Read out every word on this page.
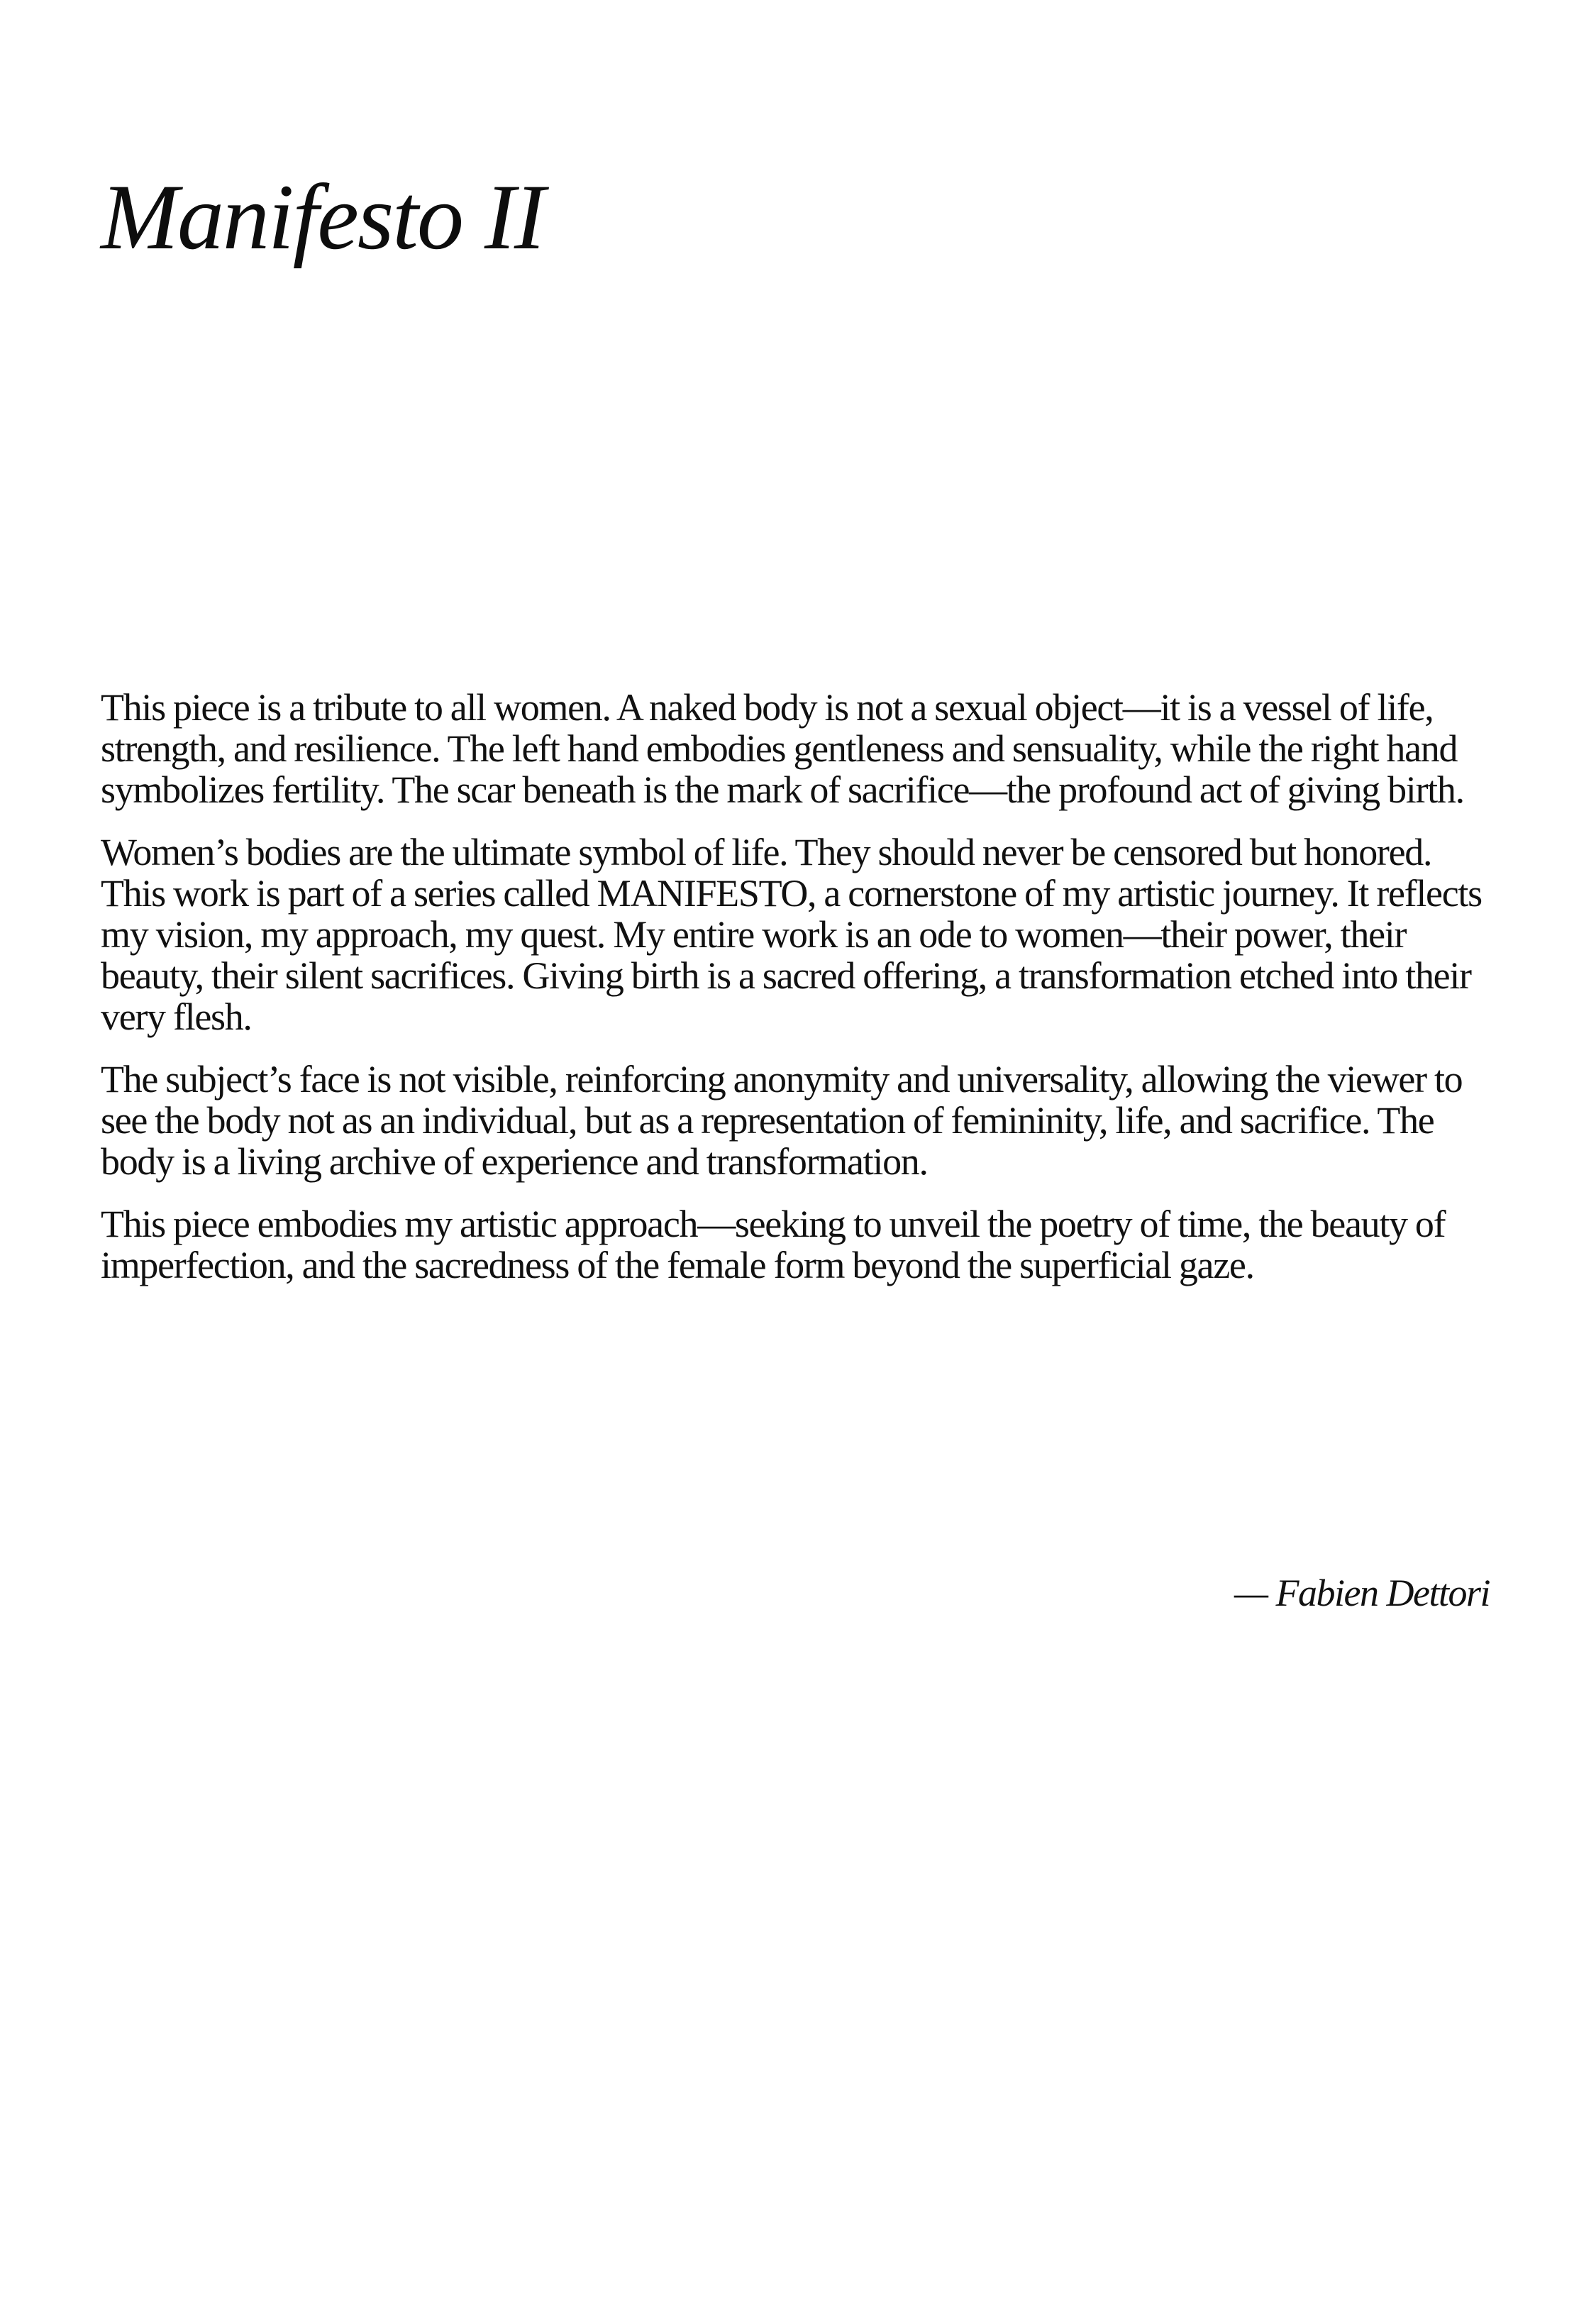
Manifesto II

This piece is a tribute to all women. A naked body is not a sexual object—it is a vessel of life, strength, and resilience. The left hand embodies gentleness and sensuality, while the right hand symbolizes fertility. The scar beneath is the mark of sacrifice—the profound act of giving birth.

Women’s bodies are the ultimate symbol of life. They should never be censored but honored. This work is part of a series called MANIFESTO, a cornerstone of my artistic journey. It reflects my vision, my approach, my quest. My entire work is an ode to women—their power, their beauty, their silent sacrifices. Giving birth is a sacred offering, a transformation etched into their very flesh.

The subject’s face is not visible, reinforcing anonymity and universality, allowing the viewer to see the body not as an individual, but as a representation of femininity, life, and sacrifice. The body is a living archive of experience and transformation.

This piece embodies my artistic approach—seeking to unveil the poetry of time, the beauty of imperfection, and the sacredness of the female form beyond the superficial gaze.

— Fabien Dettori
